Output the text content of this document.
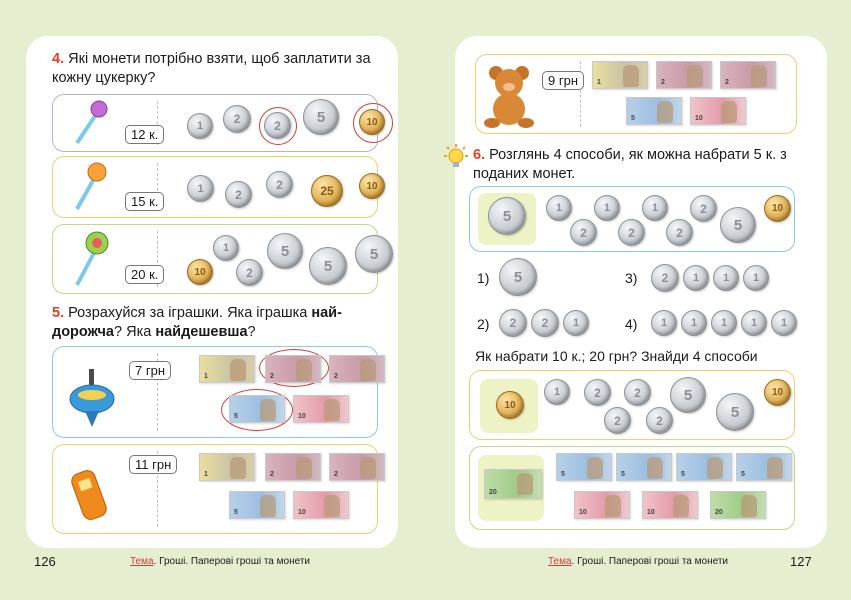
4. Які монети потрібно взяти, щоб заплатити за кожну цукерку?
12 к.
1	2	2	5	10
15 к.
1	2
2	25	10
20 к.	10
1
2
5
5
5
5. Розрахуйся за іграшки. Яка іграшка най-дорожча? Яка найдешевша?
7 грн	1	2	2
5	10
11 грн
1	2	2
5	10
126	Тема. Гроші. Паперові гроші та монети
9 грн	1	2	2
5	10
6. Розглянь 4 способи, як можна набрати 5 к. з поданих монет.
5	1
2
1
2
1
2
2
5
10
1)	5	3)	2	1	1	1
2)	2	2	1	4)	1	1	1	1	1
Як набрати 10 к.; 20 грн? Знайди 4 способи
10
1	2	2
2
5
2	5
10
20
5	5	5	5
10	10	20
Тема. Гроші. Паперові гроші та монети	127
